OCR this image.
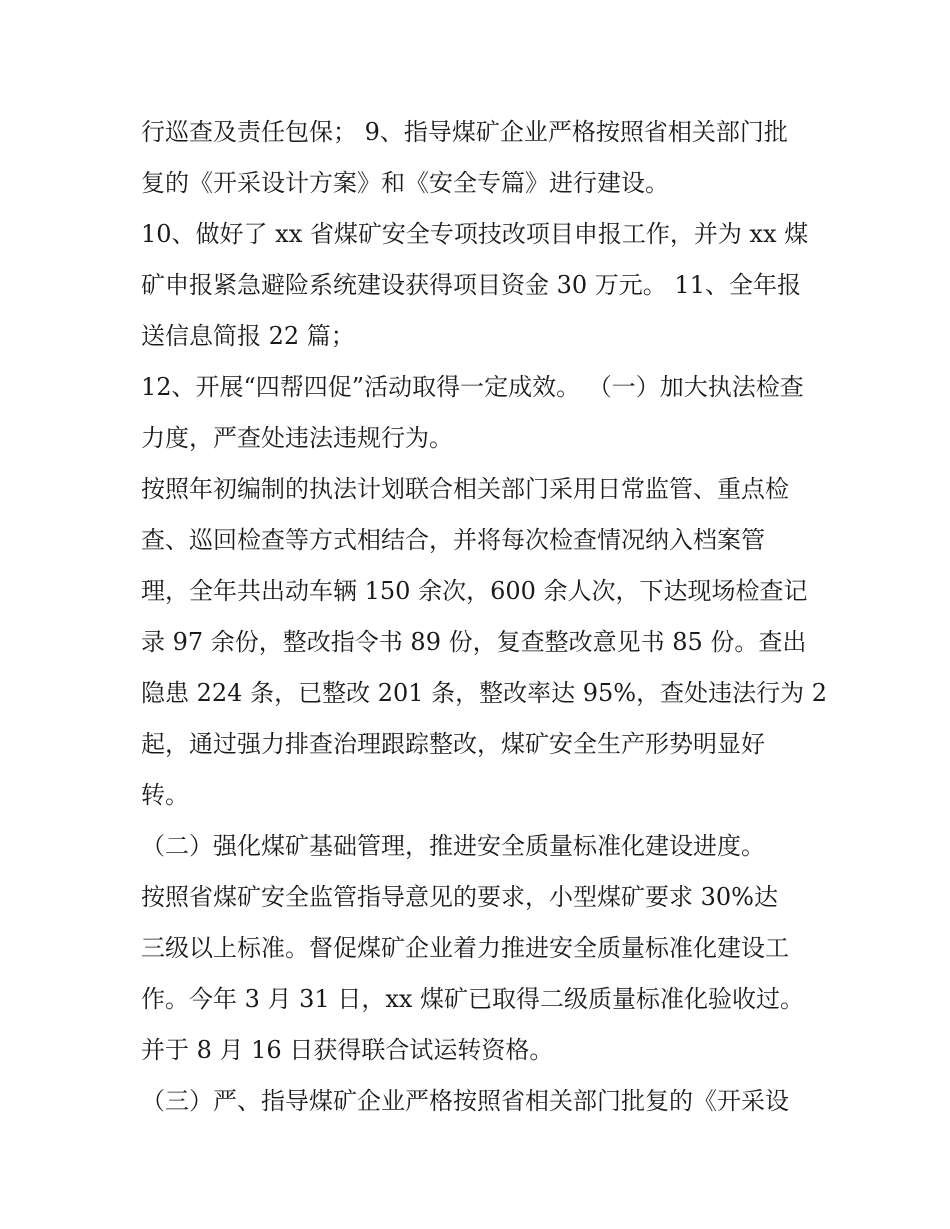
行巡查及责任包保； 9、指导煤矿企业严格按照省相关部门批
复的《开采设计方案》和《安全专篇》进行建设。
10、做好了 xx 省煤矿安全专项技改项目申报工作，并为 xx 煤
矿申报紧急避险系统建设获得项目资金 30 万元。 11、全年报
送信息简报 22 篇；
12、开展“四帮四促”活动取得一定成效。 （一）加大执法检查
力度，严查处违法违规行为。
按照年初编制的执法计划联合相关部门采用日常监管、重点检
查、巡回检查等方式相结合，并将每次检查情况纳入档案管
理，全年共出动车辆 150 余次，600 余人次，下达现场检查记
录 97 余份，整改指令书 89 份，复查整改意见书 85 份。查出
隐患 224 条，已整改 201 条，整改率达 95%，查处违法行为 2
起，通过强力排查治理跟踪整改，煤矿安全生产形势明显好
转。
（二）强化煤矿基础管理，推进安全质量标准化建设进度。
按照省煤矿安全监管指导意见的要求，小型煤矿要求 30%达
三级以上标准。督促煤矿企业着力推进安全质量标准化建设工
作。今年 3 月 31 日，xx 煤矿已取得二级质量标准化验收过。
并于 8 月 16 日获得联合试运转资格。
（三）严、指导煤矿企业严格按照省相关部门批复的《开采设
